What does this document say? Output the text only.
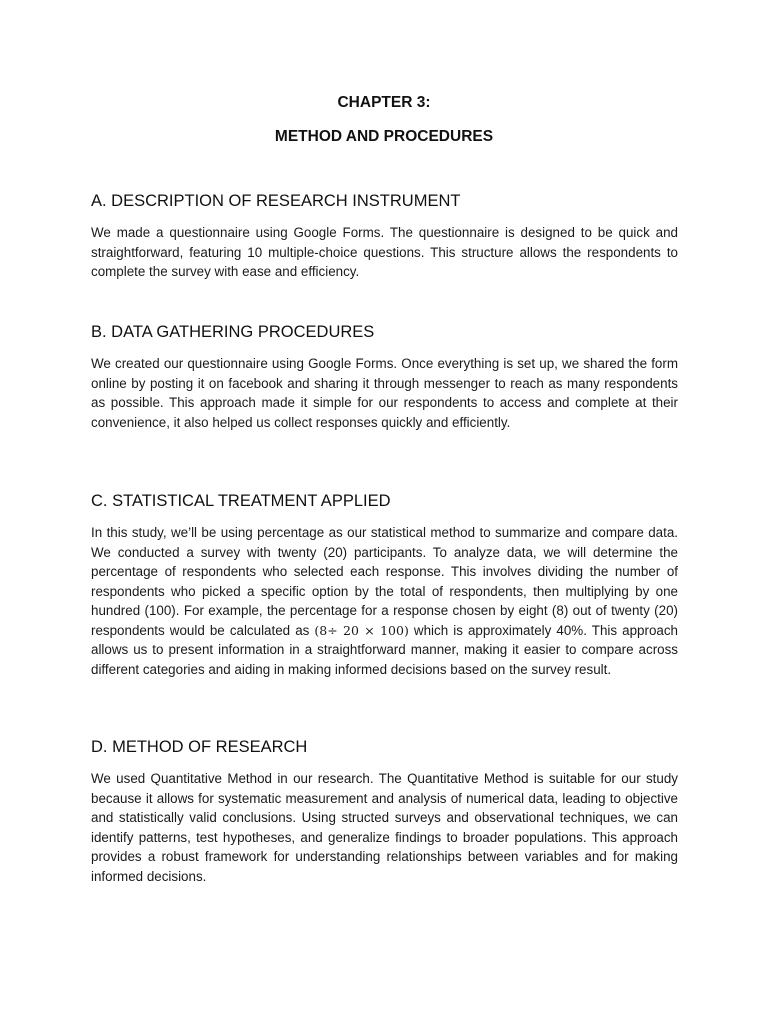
CHAPTER 3:
METHOD AND PROCEDURES
A. DESCRIPTION OF RESEARCH INSTRUMENT

We made a questionnaire using Google Forms. The questionnaire is designed to be quick and straightforward, featuring 10 multiple-choice questions. This structure allows the respondents to complete the survey with ease and efficiency.

B. DATA GATHERING PROCEDURES

We created our questionnaire using Google Forms. Once everything is set up, we shared the form online by posting it on facebook and sharing it through messenger to reach as many respondents as possible. This approach made it simple for our respondents to access and complete at their convenience, it also helped us collect responses quickly and efficiently.

C. STATISTICAL TREATMENT APPLIED

In this study, we’ll be using percentage as our statistical method to summarize and compare data. We conducted a survey with twenty (20) participants. To analyze data, we will determine the percentage of respondents who selected each response. This involves dividing the number of respondents who picked a specific option by the total of respondents, then multiplying by one hundred (100). For example, the percentage for a response chosen by eight (8) out of twenty (20) respondents would be calculated as (8÷ 20 × 100) which is approximately 40%. This approach allows us to present information in a straightforward manner, making it easier to compare across different categories and aiding in making informed decisions based on the survey result.

D. METHOD OF RESEARCH

We used Quantitative Method in our research. The Quantitative Method is suitable for our study because it allows for systematic measurement and analysis of numerical data, leading to objective and statistically valid conclusions. Using structed surveys and observational techniques, we can identify patterns, test hypotheses, and generalize findings to broader populations. This approach provides a robust framework for understanding relationships between variables and for making informed decisions.
